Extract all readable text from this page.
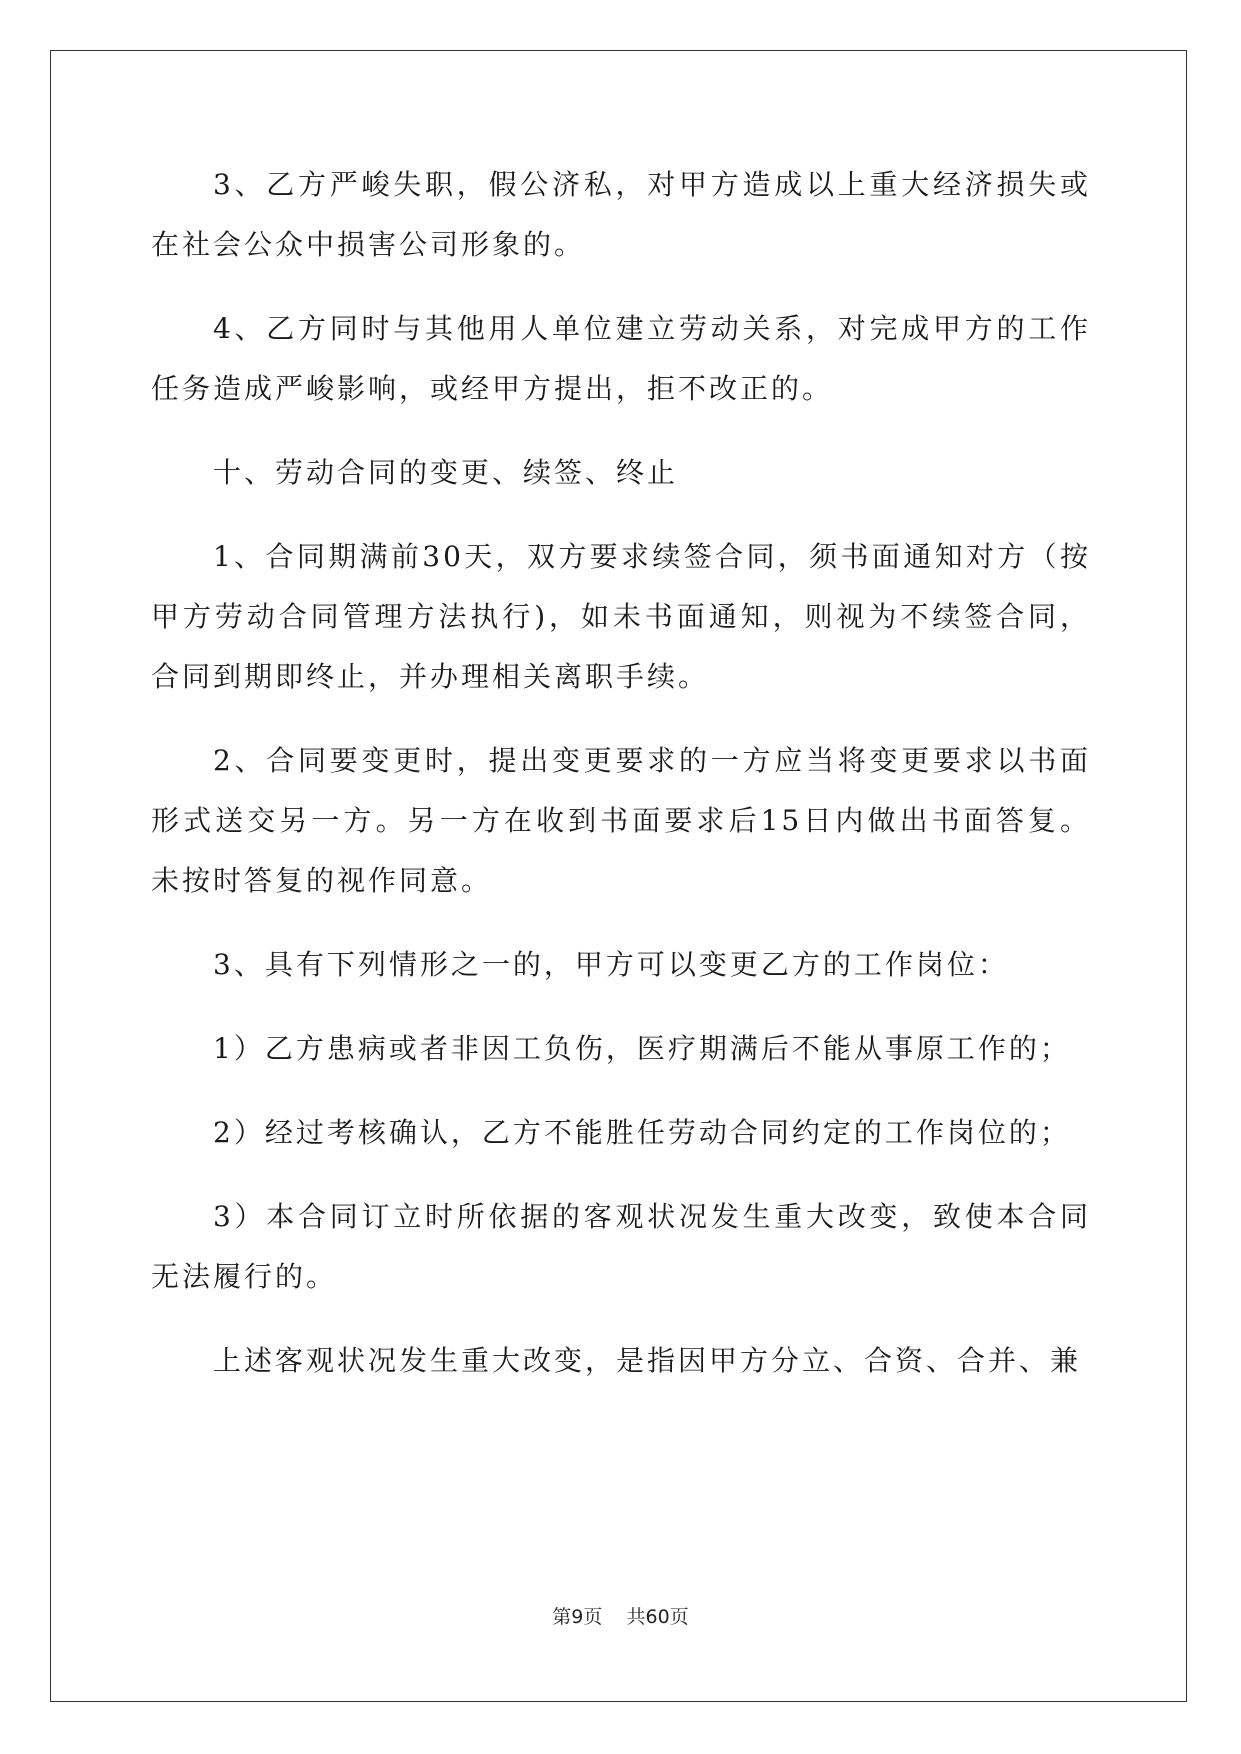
3、乙方严峻失职，假公济私，对甲方造成以上重大经济损失或在社会公众中损害公司形象的。

4、乙方同时与其他用人单位建立劳动关系，对完成甲方的工作任务造成严峻影响，或经甲方提出，拒不改正的。

十、劳动合同的变更、续签、终止

1、合同期满前30天，双方要求续签合同，须书面通知对方（按甲方劳动合同管理方法执行)，如未书面通知，则视为不续签合同，合同到期即终止，并办理相关离职手续。

2、合同要变更时，提出变更要求的一方应当将变更要求以书面形式送交另一方。另一方在收到书面要求后15日内做出书面答复。未按时答复的视作同意。

3、具有下列情形之一的，甲方可以变更乙方的工作岗位：

1）乙方患病或者非因工负伤，医疗期满后不能从事原工作的；

2）经过考核确认，乙方不能胜任劳动合同约定的工作岗位的；

3）本合同订立时所依据的客观状况发生重大改变，致使本合同无法履行的。

上述客观状况发生重大改变，是指因甲方分立、合资、合并、兼

第9页 共60页
